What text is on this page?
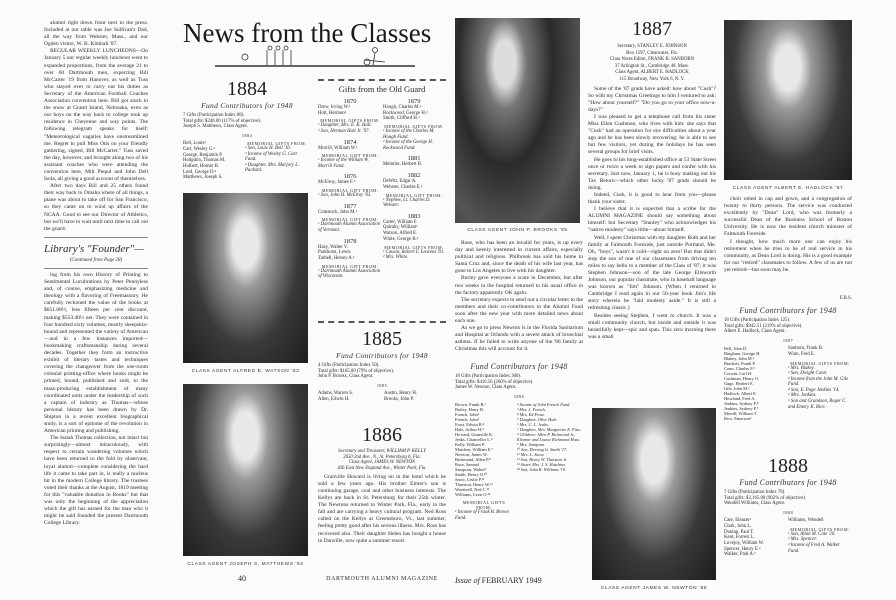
alumni right down front next to the press. Included at our table was Joe Sullivan's Dad, all the way from Webster, Mass., and our Ogden visitor, W. B. Kimball '07.

REGULAR WEEKLY LUNCHEONS—On January 5 our regular weekly luncheon went to expanded proportions, from the average 21 to over 60 Dartmouth men, expecting Bill McCarter '19 from Hanover, as well as Tuss who stayed over to carry out his duties as Secretary of the American Football Coaches Association convention here. Bill got stuck in the snow at Grand Island, Nebraska, even as our boys on the way back to college took up residence in Cheyenne and way points. The following telegram speaks for itself: "Meteorological vagaries have unstreamlined me. Regret to pull Miss Otis on your friendly gathering, signed, Bill McCarter." Tuss saved the day, however, and brought along two of his assistant coaches who were attending the convention here, Milt Piepul and John Dell Isola, all giving a good account of themselves.

After two days Bill and 25 others found their way back to Omaha where of all things, a plane was about to take off for San Francisco, so they came on to wind up affairs of the NCAA. Good to see our Director of Athletics, but we'll have to wait until next time to call out the guard.

Library's "Founder"—
(Continued from Page 28)

ing from his own History of Printing to Sentimental Lucubrations by Peter Pennyless and, of course, emphasizing medicine and theology with a flavoring of Freemasonry. He carefully reckoned the value of the books at $651.08½, less fifteen per cent discount, making $553.40½ net. They were contained in four hundred sixty volumes, mostly sheepskin-bound and represented the variety of American—and in a few instances imported— bookmaking craftsmanship during several decades. Together they form an instructive exhibit of literary tastes and techniques covering the changeover from the one-room colonial printing-office where books might be printed, bound, published and sold, to the mass-producing establishment of many coordinated units under the leadership of such a captain of industry as Thomas—whose personal history has been drawn by Dr. Shipton in a recent excellent biographical study, is a sort of epitome of the revolution in American printing and publishing.

The Isaiah Thomas collection, not intact but surprisingly—almost miraculously, with respect to certain wandering volumes which have been returned to the fold by observant, loyal alumni—complete considering the hard life it came to take part in, is really a nucleus bit in the modern College library. The trustees voted their thanks at the August, 1819 meeting for this "valuable donation in Books" but that was only the beginning of the appreciation which the gift has earned for the man who it might be said founded the present Dartmouth College Library.

News from the Classes
1884
Fund Contributors for 1948
7 Gifts (Participation Index 88).
Total gifts: $246.00 (117% of objective).
Joseph S. Matthews, Class Agent.
1884
Bell, Louis¹
Carr, Wesley G.²
George, Benjamin P.
Hodgdon, Thomas M.
Hulbert, Homer B.
Lord, George D.³
Matthews, Joseph S.
MEMORIAL GIFTS FROM:
¹ Son, Louis H. Bell '16.
² Income of Wesley G. Carr Fund.
³ Daughter, Mrs. Marjory L. Packard.
CLASS AGENT ALFRED E. WATSON '83
CLASS AGENT JOSEPH S. MATTHEWS '84
40
Gifts from the Old Guard
1870
Drew, Irving W.¹
Holt, Hermon²
MEMORIAL GIFTS FROM:
¹ Daughter, Mrs. E. K. Hall.
² Son, Herman Holt Jr. '97.
1874
Morrill, William W.¹
MEMORIAL GIFT FROM:
¹ Income of the William W. Morrill Fund.
1876
McElroy, James F.¹
MEMORIAL GIFT FROM:
¹ Son, John H. McElroy '03.
1877
Comstock, John M.¹
MEMORIAL GIFT FROM:
¹ Dartmouth Alumni Association of Vermont.
1878
Hazy, Walter V.
Parkhurst, Lewis
Tarbell, Hersey A.¹
MEMORIAL GIFT FROM:
¹ Dartmouth Alumni Association of Wisconsin.
1879
Hough, Charles M.¹
Rockwood, George H.²
Smith, Clifford H.³
MEMORIAL GIFTS FROM:
¹ Income of the Charles M. Hough Fund.
² Income of the George H. Rockwood Fund.
1881
Melntire, Herbert B.
1882
DeWitt, Edgar A.
Webster, Charles E.¹
MEMORIAL GIFT FROM:
¹ Nephew, Lt. Charles D. Webster.
1883
Carter, William F.
Quimby, William¹
Watson, Alfred E.
White, George B.²
MEMORIAL GIFTS FROM:
¹ Cousin, Robert F. Leavens '01.
² Mrs. White.
1885
Fund Contributors for 1948
4 Gifts (Participation Index 50).
Total gifts: $165.00 (79% of objective).
John P. Brooks, Class Agent.
1885
Adams, Warren S.
Allen, Edwin H.
Austin, Henry H.
Brooks, John P.
1886
Secretary and Treasurer, WILLIAM P. KELLY
2650 2nd Ave., N., St. Petersburg 6, Fla.
Class Agent, JAMES W. NEWTON
436 East New England Ave., Winter Park, Fla.
Granville Howard is living on in the hotel which he sold a few years ago. His brother Elmer's son is continuing garage, coal and other business interests. The Kellys are back in St. Petersburg for their 25th winter. The Newtons returned to Winter Park, Fla., early in the fall and are carrying a heavy cultural program. Ned Ross called on the Kellys at Greensboro, Vt., last summer, feeling pretty good after his serious illness. Mrs. Ross has recovered also. Their daughter Helen has bought a house in Danville, now quite a summer resort.
DARTMOUTH ALUMNI MAGAZINE
CLASS AGENT JOHN P. BROOKS '85

Rose, who has been an invalid for years, is up every day and keenly interested in current affairs, especially political and religious. Philbrook has sold his home in Santa Cruz and, since the death of his wife last year, has gone to Los Angeles to live with his daughter.

Burley gave everyone a scare in December, but after two weeks in the hospital returned to his usual office in the factory apparently OK again.

The secretary expects to send out a circular letter to the members and their co-contributors to the Alumni Fund soon after the new year with more detailed news about each one.

As we go to press Newton is in the Florida Sanitarium and Hospital at Orlando with a severe attack of bronchial asthma. If he failed to write anyone of the '86 family at Christmas this will account for it.

Fund Contributors for 1948
18 Gifts (Participation Index 300).
Total gifts: $416.56 (260% of objective).
James W. Newton, Class Agent.
1886
Brown, Frank B.¹
Butley, Harry B.
French, John²
French, John³
Frost, Edwin B.⁴
Hale, Arthur H.⁵
Howard, Granville K.
Jenks, Chancellor L.⁶
Kelly, William P.
Matchen, William E.⁷
Newton, James W.
Richmond, Allen P.⁸
Rose, Samuel
Sampson, Walter⁹
Smith, Henry O.¹⁰
Snow, Leslie P.¹¹
Thurston, Henry W.¹²
Wardwell, Ned C.¹³
Williams, Leon O.¹⁴
MEMORIAL GIFTS FROM:
¹ Income of Frank B. Brown Fund.
² Income of John French Fund.
³ Mrs. J. French.
⁴ Mrs. Ed Frost.
⁵ Daughter, Olive Hale.
⁶ Mrs. C. L. Jenks.
⁷ Daughter, Mrs. Marguerite E. Fitts.
⁸ Children: Allen P. Richmond Jr., Eleanor and Louise Richmond Huss.
⁹ Mrs. Sampson.
¹⁰ Son, Deering G. Smith '17.
¹¹ Mrs. L. Snow.
¹² Son, Henry W. Thurston Jr.
¹³ Sister, Mrs. J. S. Hutchins.
¹⁴ Son, John R. Williams '19.
Issue of FEBRUARY 1949
1887
Secretary, STANLEY E. JOHNSON
Box 1597, Clearwater, Fla.
Class Notes Editor, FRANK B. SANBORN
37 Arlington St., Cambridge 40, Mass.
Class Agent, ALBERT E. HADLOCK
115 Broadway, New York 6, N. Y.

Some of the '87 grads have asked: how about "Cush"? So with my Christmas Greetings to him I ventured to ask: "How about yourself?" "Do you go to your office now-a-days?"

I was pleased to get a telephone call from his sister Miss Ellen Cushman, who lives with him: she says that "Cush" had an operation for eye difficulties about a year ago and he has been slowly recovering: he is able to see but few visitors, yet during the holidays he has seen several groups for brief visits.

He goes to his long-established office at 53 State Street once or twice a week to sign papers and confer with his secretary. Just now, January 1, he is busy making out his Tax Return—which other lucky '87 grads should be doing.

Indeed, Cush, it is good to hear from you—please thank your sister.

I believe that it is expected that a scribe for the ALUMNI MAGAZINE should say something about himself: but Secretary "Stanley" who acknowledges his "native modesty" says little—about himself.

Well, I spent Christmas with my daughter Ruth and her family at Falmouth Foreside, just outside Portland, Me. Oh, "boys", wasn't it cold—right on zero! But that didn't stop the son of one of our classmates from driving ten miles to say hello to a member of the Class of '87; it was Stephen Johnson—son of the late George Ellsworth Johnson, our popular classmate, who in baseball language was known as "Jim" Johnson. (When I returned to Cambridge I read again in our 50-year book Jim's life story wherein he "laid modesty aside." It is still a refreshing classic.)

Besides seeing Stephen, I went to church. It was a small community church, but inside and outside it was beautifully kept—spic and span. This zero morning there was a small

CLASS AGENT JAMES W. NEWTON '86
41
CLASS AGENT ALBERT E. HADLOCK '87

choir robed in cap and gown, and a congregation of twenty to thirty persons. The service was conducted excellently by "Dean" Lord, who was formerly a successful Dean of the Business School of Boston University. He is now the resident church minister of Falmouth Foreside.

I thought, how much more one can enjoy his retirement when he tries to be of real service in his community, as Dean Lord is doing. His is a good example for our "retired" classmates to follow. A few of us are not yet retired—but soon may be.

F.B.S.
Fund Contributors for 1948
18 Gifts (Participation Index 125).
Total gifts: $942.51 (219% of objective).
Albert E. Hadlock, Class Agent.
1887
Bell, John D.
Bingham, George H.
Blakey, John M.¹
Brackett, Frank P.
Conn, Charles F.²
Corwin, Carl H.
Cushman, Henry O.
Gage, Herbert E.
Gile, John M.³
Hadlock, Albert E.
Howland, Fred A.
Jenkins, Sydney F.⁴
Jenkins, Sydney F.⁵
Merrill, William T.
Rice, Emerson⁶
Sanborn, Frank B.
Winn, Fred E.
MEMORIAL GIFTS FROM:
¹ Mrs. Blakey.
² Son, Dwight Conn.
³ Income from the John M. Gile Fund.
⁴ Son, E. Page Jenkins '14.
⁵ Mrs. Jenkins.
⁶ Son and Grandson, Roger C. and Emory K. Rice.
1888
Fund Contributors for 1948
7 Gifts (Participation Index 78).
Total gifts: $2,165.00 (902% of objective).
Wendell Williams, Class Agent.
1888
Cate, Eleazer¹
Clark, John L.
Dunlap, Paul T.
Kent, Forrest L.
Lovejoy, William W.
Spencer, Henry E.²
Walker, Paul A.³
Williams, Wendell
MEMORIAL GIFTS FROM:
¹ Son, Allan M. Cate '20.
² Mrs. Spencer.
³ Income of Fred A. Walker Fund.
